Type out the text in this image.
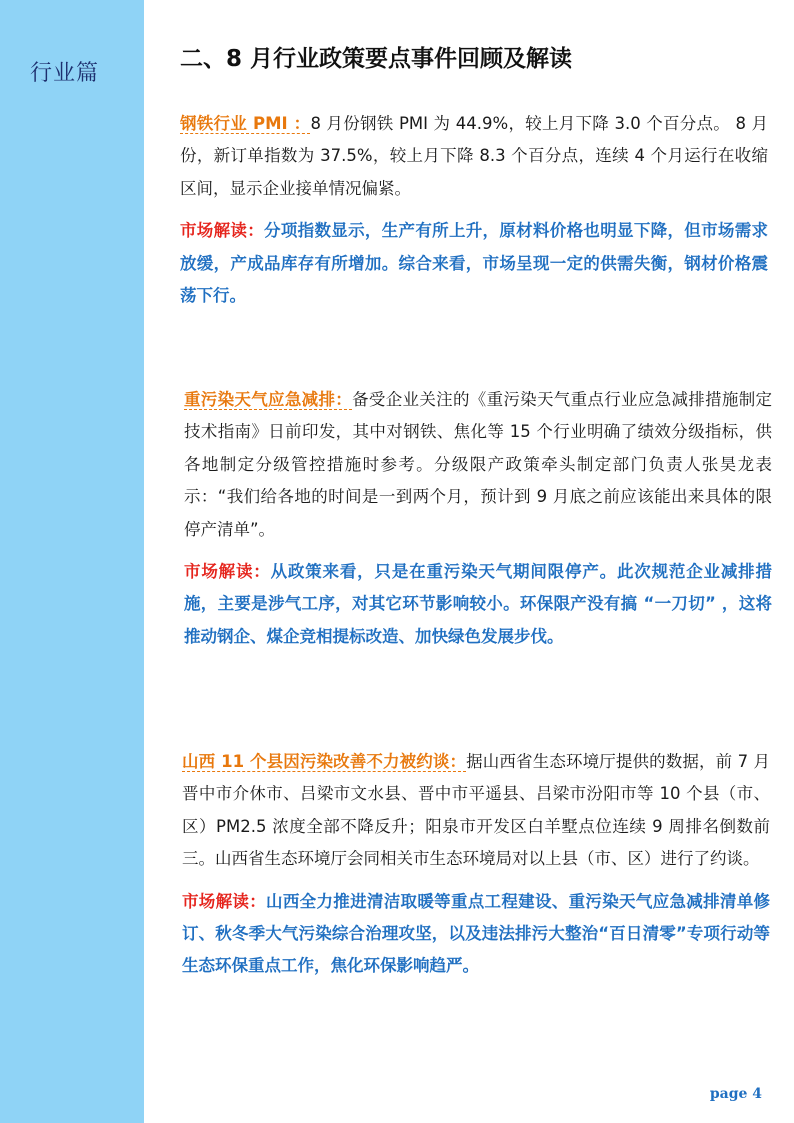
行业篇
二、8 月行业政策要点事件回顾及解读

钢铁行业 PMI ：8 月份钢铁 PMI 为 44.9%，较上月下降 3.0 个百分点。 8 月份，新订单指数为 37.5%，较上月下降 8.3 个百分点，连续 4 个月运行在收缩区间，显示企业接单情况偏紧。

市场解读：分项指数显示，生产有所上升，原材料价格也明显下降，但市场需求放缓，产成品库存有所增加。综合来看，市场呈现一定的供需失衡，钢材价格震荡下行。

重污染天气应急减排：备受企业关注的《重污染天气重点行业应急减排措施制定技术指南》日前印发，其中对钢铁、焦化等 15 个行业明确了绩效分级指标，供各地制定分级管控措施时参考。分级限产政策牵头制定部门负责人张昊龙表示：“我们给各地的时间是一到两个月，预计到 9 月底之前应该能出来具体的限停产清单”。

市场解读：从政策来看，只是在重污染天气期间限停产。此次规范企业减排措施，主要是涉气工序，对其它环节影响较小。环保限产没有搞 “一刀切” ，这将推动钢企、煤企竞相提标改造、加快绿色发展步伐。

山西 11 个县因污染改善不力被约谈：据山西省生态环境厅提供的数据，前 7 月晋中市介休市、吕梁市文水县、晋中市平遥县、吕梁市汾阳市等 10 个县（市、区）PM2.5 浓度全部不降反升；阳泉市开发区白羊墅点位连续 9 周排名倒数前三。山西省生态环境厅会同相关市生态环境局对以上县（市、区）进行了约谈。

市场解读：山西全力推进清洁取暖等重点工程建设、重污染天气应急减排清单修订、秋冬季大气污染综合治理攻坚，以及违法排污大整治“百日清零”专项行动等生态环保重点工作，焦化环保影响趋严。

page 4
